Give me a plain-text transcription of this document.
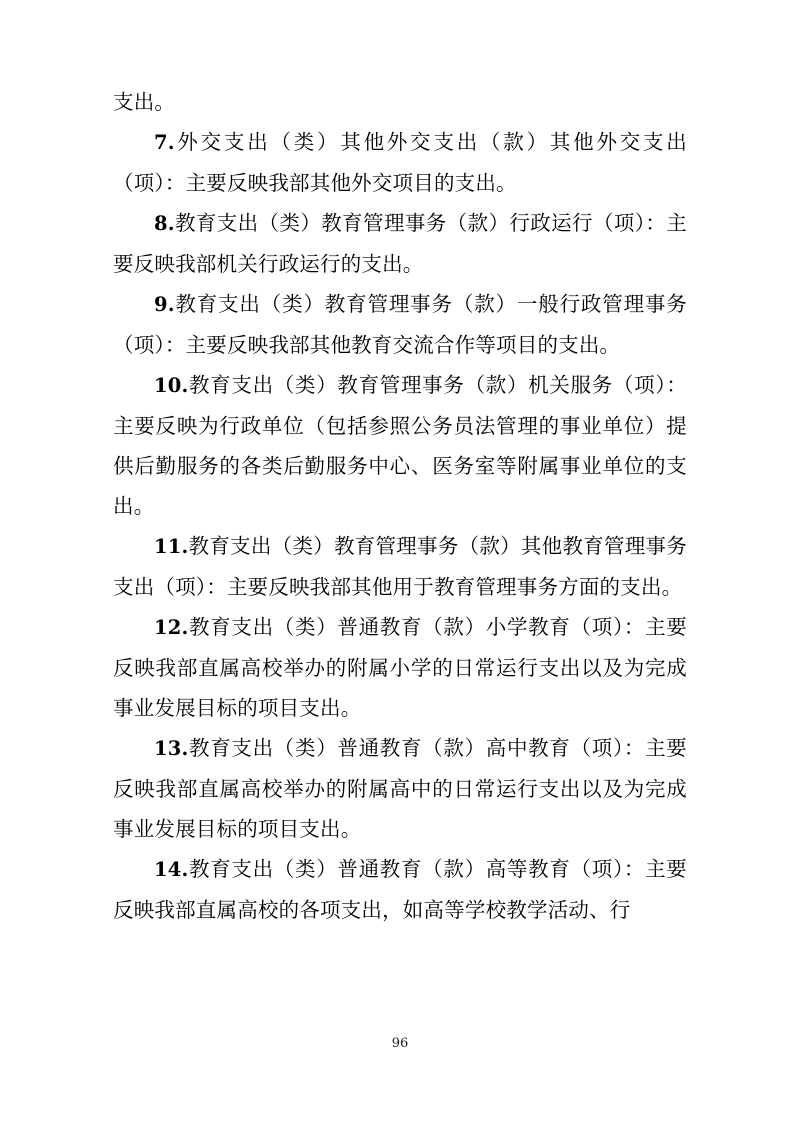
支出。

7.外交支出（类）其他外交支出（款）其他外交支出（项）：主要反映我部其他外交项目的支出。

8.教育支出（类）教育管理事务（款）行政运行（项）：主要反映我部机关行政运行的支出。

9.教育支出（类）教育管理事务（款）一般行政管理事务（项）：主要反映我部其他教育交流合作等项目的支出。

10.教育支出（类）教育管理事务（款）机关服务（项）：主要反映为行政单位（包括参照公务员法管理的事业单位）提供后勤服务的各类后勤服务中心、医务室等附属事业单位的支出。

11.教育支出（类）教育管理事务（款）其他教育管理事务支出（项）：主要反映我部其他用于教育管理事务方面的支出。

12.教育支出（类）普通教育（款）小学教育（项）：主要反映我部直属高校举办的附属小学的日常运行支出以及为完成事业发展目标的项目支出。

13.教育支出（类）普通教育（款）高中教育（项）：主要反映我部直属高校举办的附属高中的日常运行支出以及为完成事业发展目标的项目支出。

14.教育支出（类）普通教育（款）高等教育（项）：主要反映我部直属高校的各项支出，如高等学校教学活动、行

96
